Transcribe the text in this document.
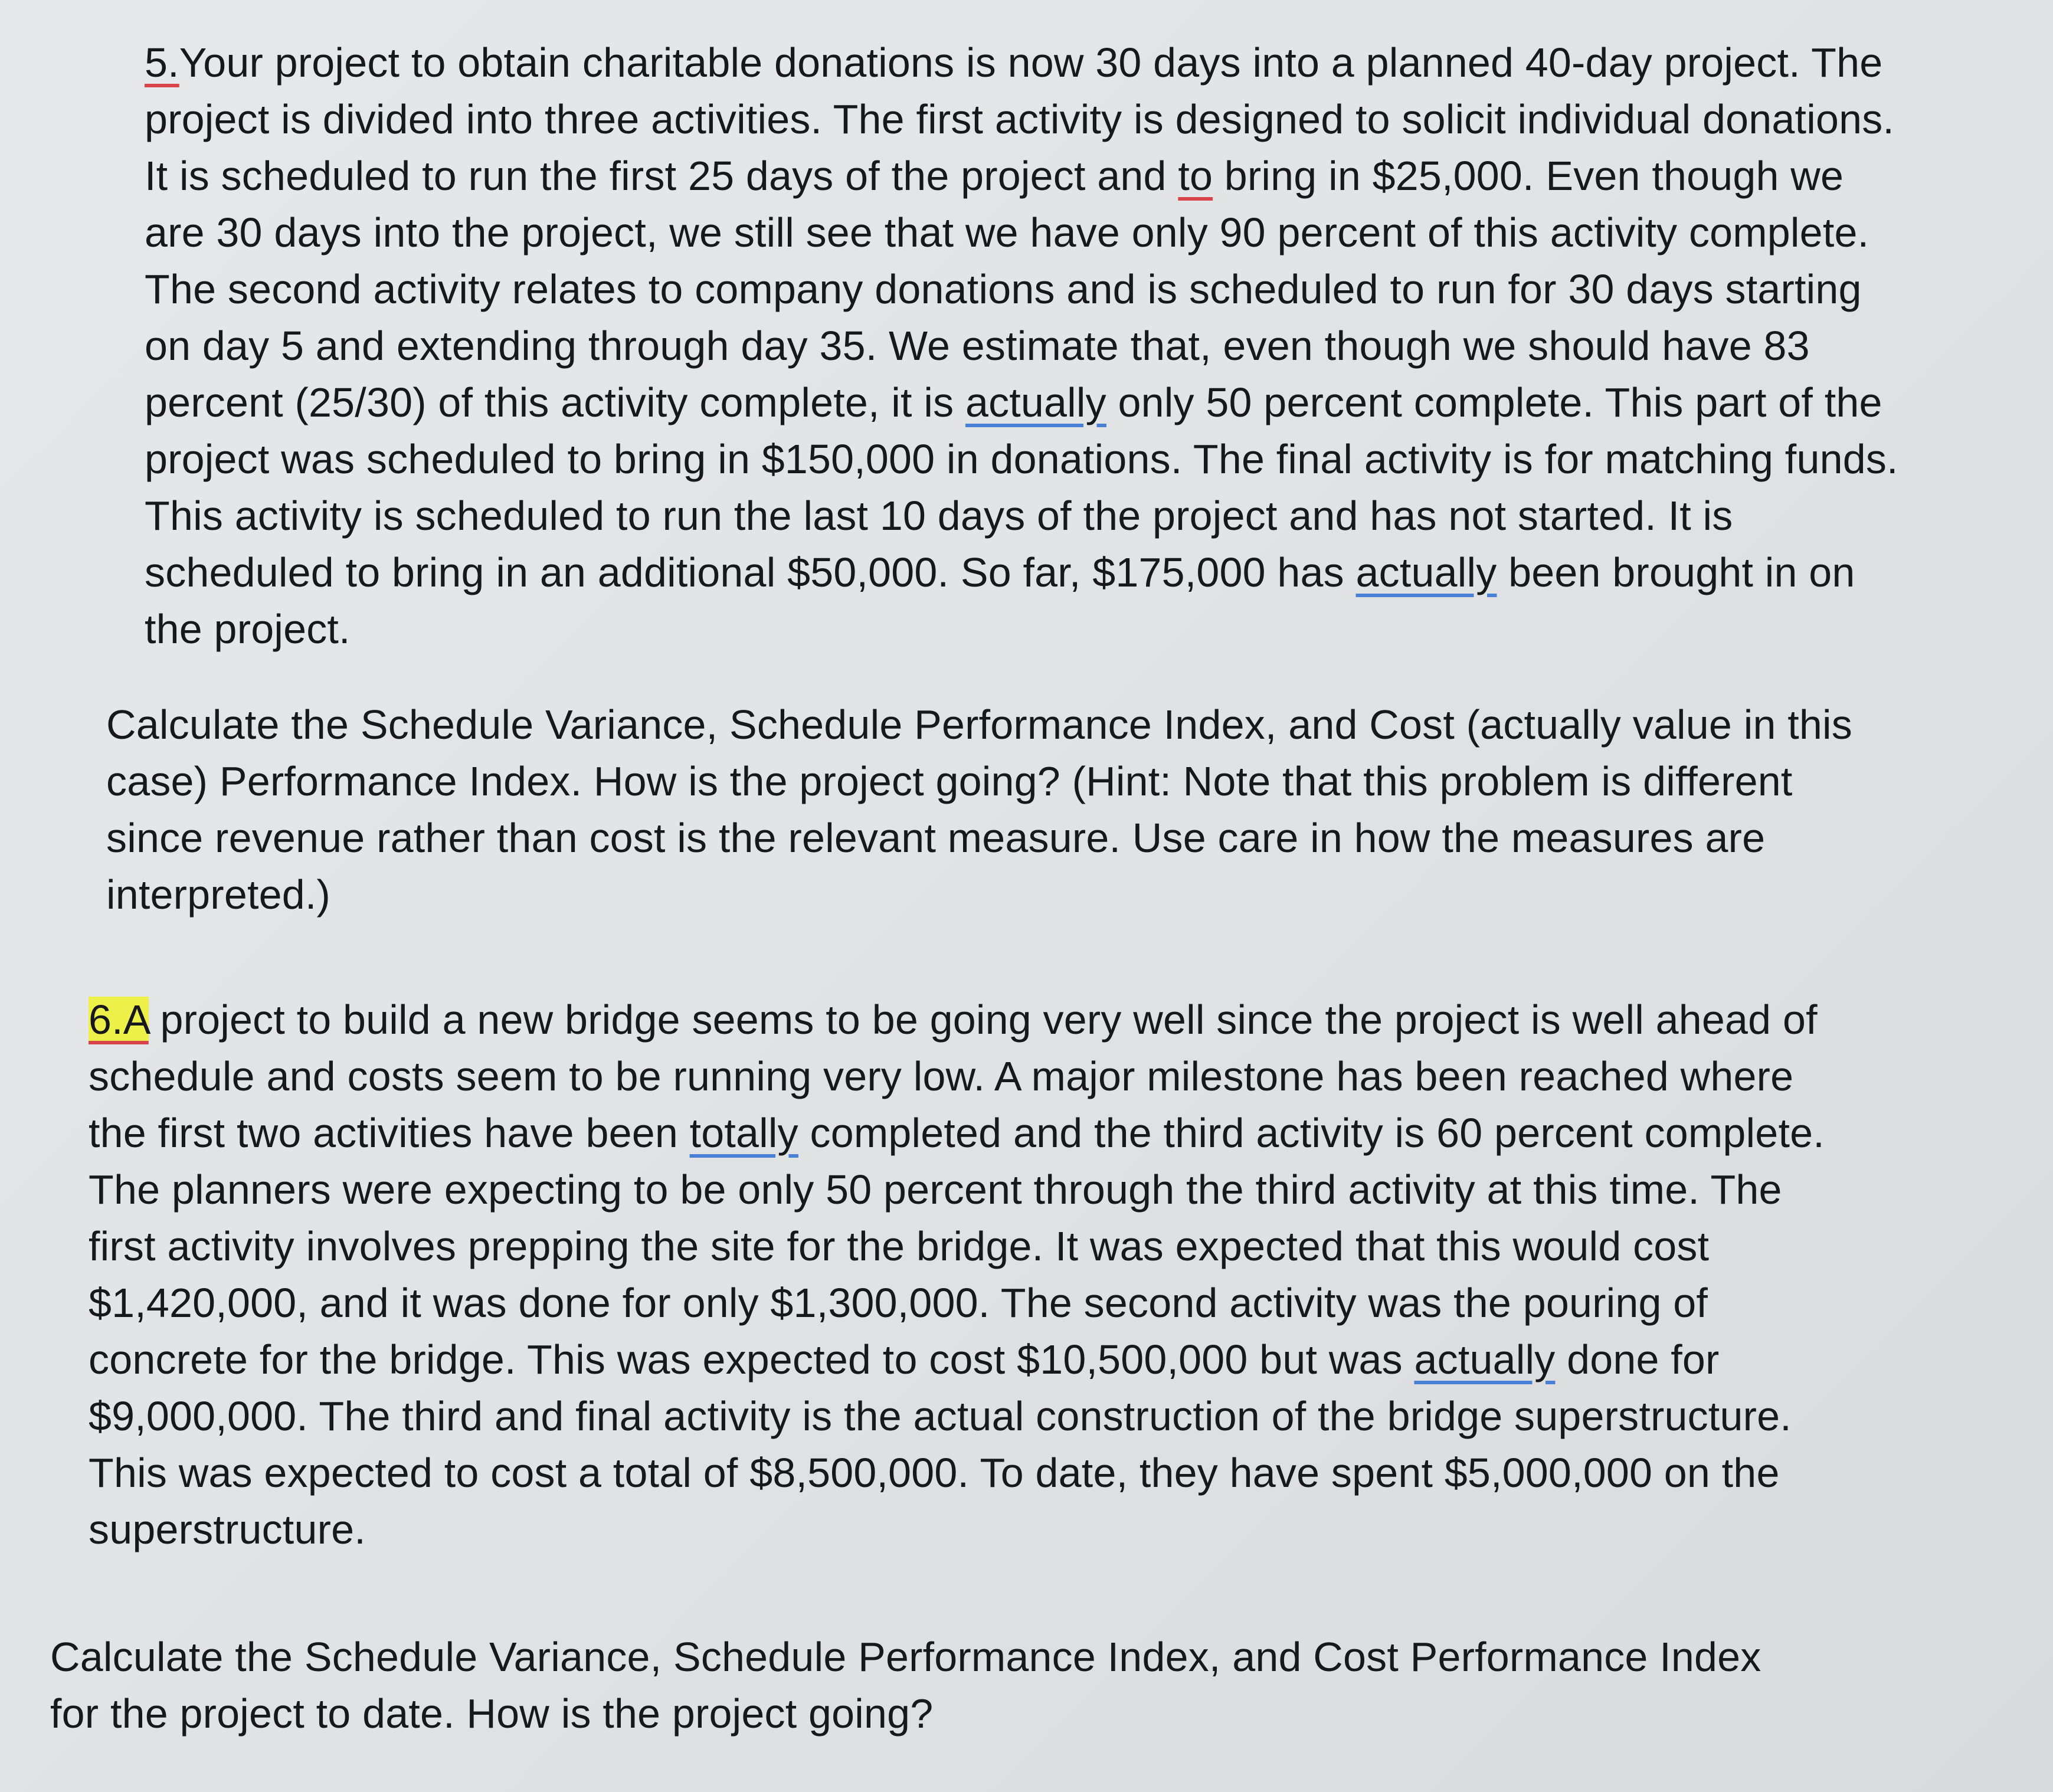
5.Your project to obtain charitable donations is now 30 days into a planned 40-day project. The
project is divided into three activities. The first activity is designed to solicit individual donations.
It is scheduled to run the first 25 days of the project and to bring in $25,000. Even though we
are 30 days into the project, we still see that we have only 90 percent of this activity complete.
The second activity relates to company donations and is scheduled to run for 30 days starting
on day 5 and extending through day 35. We estimate that, even though we should have 83
percent (25/30) of this activity complete, it is actually only 50 percent complete. This part of the
project was scheduled to bring in $150,000 in donations. The final activity is for matching funds.
This activity is scheduled to run the last 10 days of the project and has not started. It is
scheduled to bring in an additional $50,000. So far, $175,000 has actually been brought in on
the project.

Calculate the Schedule Variance, Schedule Performance Index, and Cost (actually value in this
case) Performance Index. How is the project going? (Hint: Note that this problem is different
since revenue rather than cost is the relevant measure. Use care in how the measures are
interpreted.)

6.A project to build a new bridge seems to be going very well since the project is well ahead of
schedule and costs seem to be running very low. A major milestone has been reached where
the first two activities have been totally completed and the third activity is 60 percent complete.
The planners were expecting to be only 50 percent through the third activity at this time. The
first activity involves prepping the site for the bridge. It was expected that this would cost
$1,420,000, and it was done for only $1,300,000. The second activity was the pouring of
concrete for the bridge. This was expected to cost $10,500,000 but was actually done for
$9,000,000. The third and final activity is the actual construction of the bridge superstructure.
This was expected to cost a total of $8,500,000. To date, they have spent $5,000,000 on the
superstructure.

Calculate the Schedule Variance, Schedule Performance Index, and Cost Performance Index
for the project to date. How is the project going?
